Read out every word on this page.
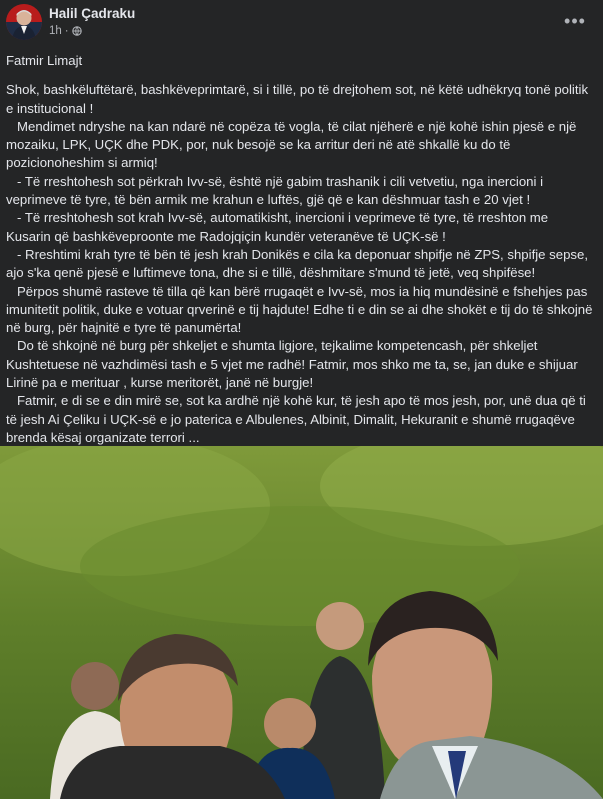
Halil Çadraku
1h ·
•••

Fatmir Limajt

Shok, bashkëluftëtarë, bashkëveprimtarë, si i tillë, po të drejtohem sot, në këtë udhëkryq tonë politik e institucional !

Mendimet ndryshe na kan ndarë në copëza të vogla, të cilat njëherë e një kohë ishin pjesë e një mozaiku, LPK, UÇK dhe PDK, por, nuk besojë se ka arritur deri në atë shkallë ku do të pozicionoheshim si armiq!

- Të rreshtohesh sot përkrah Ivv-së, është një gabim trashanik i cili vetvetiu, nga inercioni i veprimeve të tyre, të bën armik me krahun e luftës, gjë që e kan dëshmuar tash e 20 vjet !

- Të rreshtohesh sot krah Ivv-së, automatikisht, inercioni i veprimeve të tyre, të rreshton me Kusarin që bashkëveproonte me Radojqiçin kundër veteranëve të UÇK-së !

- Rreshtimi krah tyre të bën të jesh krah Donikës e cila ka deponuar shpifje në ZPS, shpifje sepse, ajo s'ka qenë pjesë e luftimeve tona, dhe si e tillë, dëshmitare s'mund të jetë, veq shpifëse!

Përpos shumë rasteve të tilla që kan bërë rrugaqët e Ivv-së, mos ia hiq mundësinë e fshehjes pas imunitetit politik, duke e votuar qrverinë e tij hajdute! Edhe ti e din se ai dhe shokët e tij do të shkojnë në burg, për hajnitë e tyre të panumërta!

Do të shkojnë në burg për shkeljet e shumta ligjore, tejkalime kompetencash, për shkeljet Kushtetuese në vazhdimësi tash e 5 vjet me radhë! Fatmir, mos shko me ta, se, jan duke e shijuar Lirinë pa e merituar , kurse meritorët, janë në burgje!

Fatmir, e di se e din mirë se, sot ka ardhë një kohë kur, të jesh apo të mos jesh, por, unë dua që ti të jesh Ai Çeliku i UÇK-së e jo paterica e Albulenes, Albinit, Dimalit, Hekuranit e shumë rrugaqëve brenda kësaj organizate terrori ...
